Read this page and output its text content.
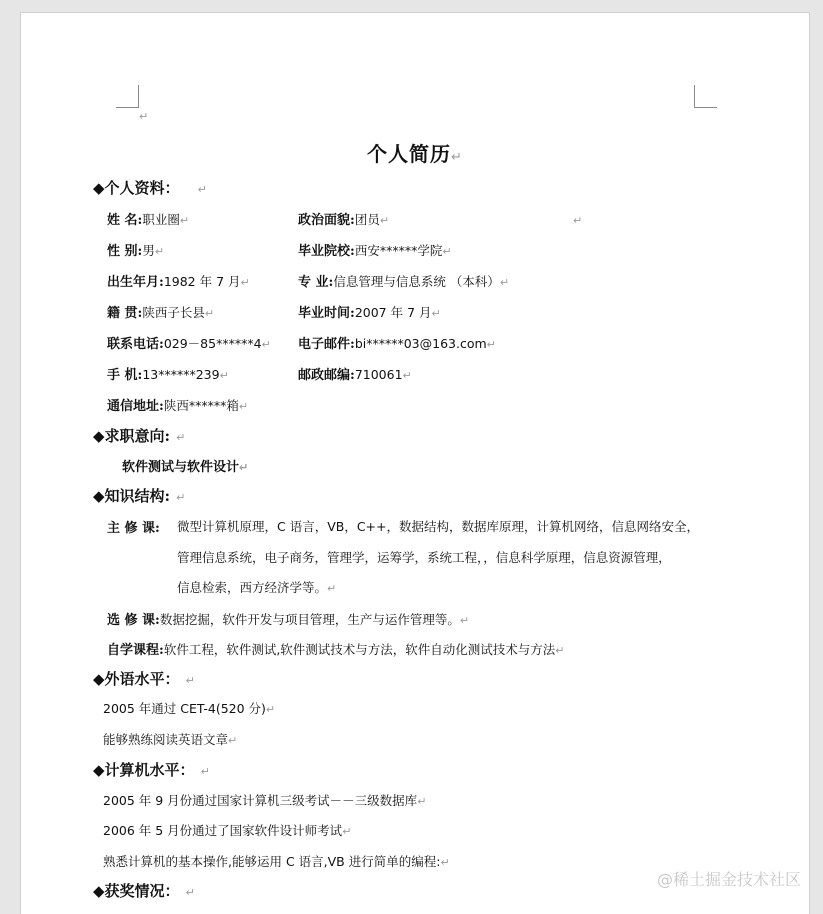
↵
个人简历↵
◆个人资料： ↵
姓 名:职业圈↵	政治面貌:团员↵	↵
性 别:男↵	毕业院校:西安******学院↵
出生年月:1982 年 7 月↵	专 业:信息管理与信息系统 （本科）↵
籍 贯:陕西子长县↵	毕业时间:2007 年 7 月↵
联系电话:029－85******4↵ 电子邮件:bi******03@163.com↵
手 机:13******239↵	邮政邮编:710061↵
通信地址:陕西******箱↵
◆求职意向: ↵
软件测试与软件设计↵
◆知识结构: ↵
主 修 课: 微型计算机原理，C 语言，VB，C++，数据结构，数据库原理，计算机网络，信息网络安全，
管理信息系统，电子商务，管理学，运筹学，系统工程，，信息科学原理，信息资源管理，
信息检索，西方经济学等。↵
选 修 课:数据挖掘，软件开发与项目管理，生产与运作管理等。↵
自学课程:软件工程，软件测试,软件测试技术与方法，软件自动化测试技术与方法↵
◆外语水平： ↵
2005 年通过 CET-4(520 分)↵
能够熟练阅读英语文章↵
◆计算机水平： ↵
2005 年 9 月份通过国家计算机三级考试－－三级数据库↵
2006 年 5 月份通过了国家软件设计师考试↵
熟悉计算机的基本操作,能够运用 C 语言,VB 进行简单的编程:↵
◆获奖情况： ↵
@稀土掘金技术社区
